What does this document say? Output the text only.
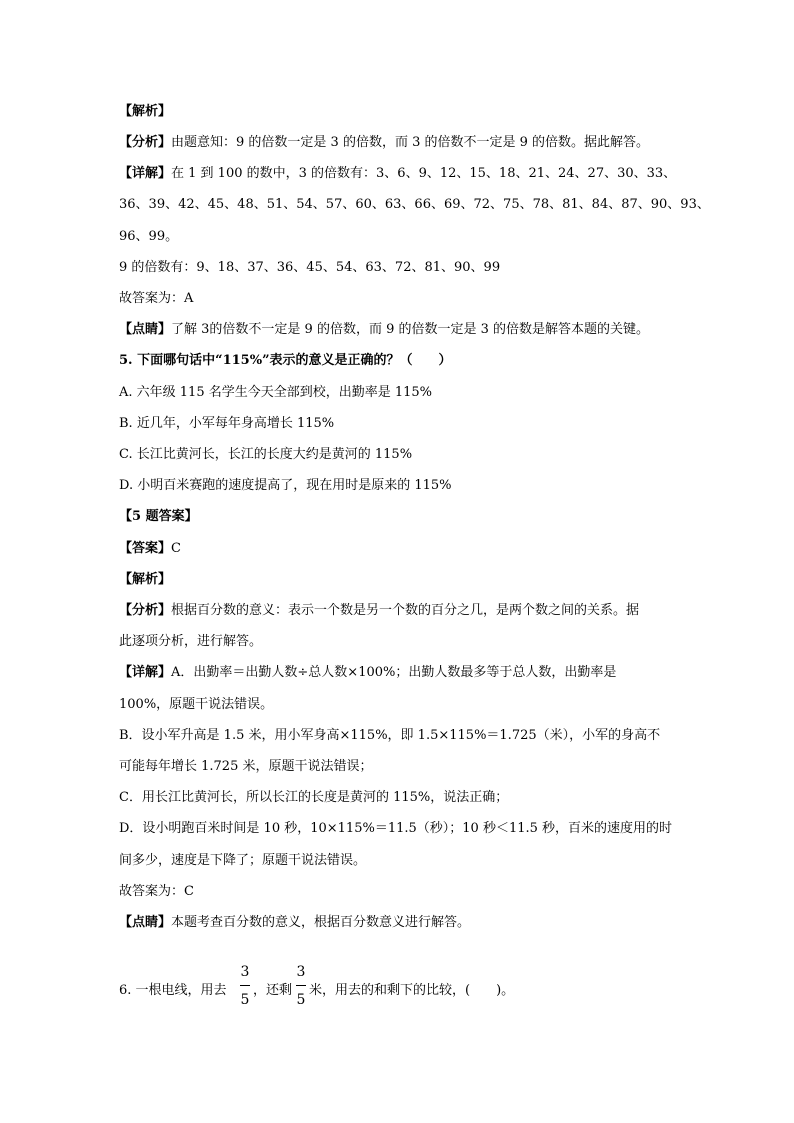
【解析】
【分析】由题意知：9 的倍数一定是 3 的倍数，而 3 的倍数不一定是 9 的倍数。据此解答。
【详解】在 1 到 100 的数中，3 的倍数有：3、6、9、12、15、18、21、24、27、30、33、
36、39、42、45、48、51、54、57、60、63、66、69、72、75、78、81、84、87、90、93、
96、99。
9 的倍数有：9、18、37、36、45、54、63、72、81、90、99
故答案为：A
【点睛】了解 3的倍数不一定是 9 的倍数，而 9 的倍数一定是 3 的倍数是解答本题的关键。
5. 下面哪句话中“115%”表示的意义是正确的？（　　）
A. 六年级 115 名学生今天全部到校，出勤率是 115%
B. 近几年，小军每年身高增长 115%
C. 长江比黄河长，长江的长度大约是黄河的 115%
D. 小明百米赛跑的速度提高了，现在用时是原来的 115%
【5 题答案】
【答案】C
【解析】
【分析】根据百分数的意义：表示一个数是另一个数的百分之几，是两个数之间的关系。据
此逐项分析，进行解答。
【详解】A．出勤率＝出勤人数÷总人数×100%；出勤人数最多等于总人数，出勤率是
100%，原题干说法错误。
B．设小军升高是 1.5 米，用小军身高×115%，即 1.5×115%＝1.725（米），小军的身高不
可能每年增长 1.725 米，原题干说法错误；
C．用长江比黄河长，所以长江的长度是黄河的 115%，说法正确；
D．设小明跑百米时间是 10 秒，10×115%＝11.5（秒）；10 秒＜11.5 秒，百米的速度用的时
间多少，速度是下降了；原题干说法错误。
故答案为：C
【点睛】本题考查百分数的意义，根据百分数意义进行解答。
6. 一根电线，用去
3
5
，还剩
3
5
米，用去的和剩下的比较，(　　)。
